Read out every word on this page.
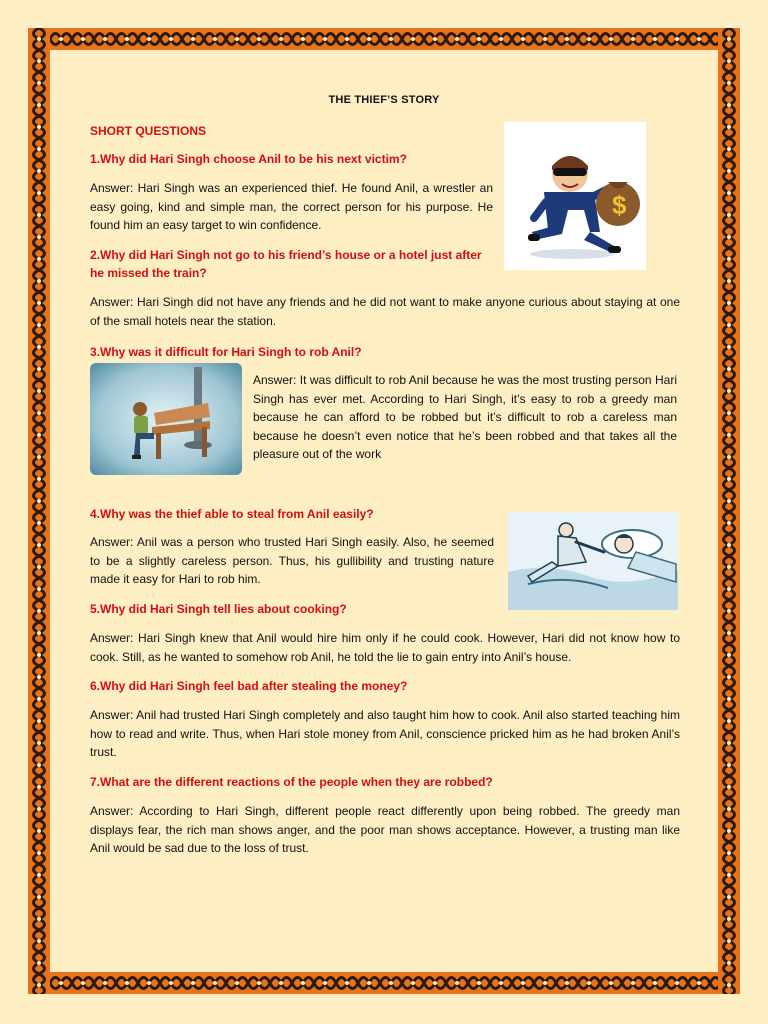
THE THIEF’S STORY
SHORT QUESTIONS
1.Why did Hari Singh choose Anil to be his next victim?
Answer: Hari Singh was an experienced thief. He found Anil, a wrestler an easy going, kind and simple man, the correct person for his purpose. He found him an easy target to win confidence.
$
2.Why did Hari Singh not go to his friend’s house or a hotel just after he missed the train?
Answer: Hari Singh did not have any friends and he did not want to make anyone curious about staying at one of the small hotels near the station.
3.Why was it difficult for Hari Singh to rob Anil?
Answer: It was difficult to rob Anil because he was the most trusting person Hari Singh has ever met. According to Hari Singh, it’s easy to rob a greedy man because he can afford to be robbed but it’s difficult to rob a careless man because he doesn’t even notice that he’s been robbed and that takes all the pleasure out of the work
4.Why was the thief able to steal from Anil easily?
Answer: Anil was a person who trusted Hari Singh easily. Also, he seemed to be a slightly careless person. Thus, his gullibility and trusting nature made it easy for Hari to rob him.
5.Why did Hari Singh tell lies about cooking?
Answer: Hari Singh knew that Anil would hire him only if he could cook. However, Hari did not know how to cook. Still, as he wanted to somehow rob Anil, he told the lie to gain entry into Anil’s house.
6.Why did Hari Singh feel bad after stealing the money?
Answer: Anil had trusted Hari Singh completely and also taught him how to cook. Anil also started teaching him how to read and write. Thus, when Hari stole money from Anil, conscience pricked him as he had broken Anil’s trust.
7.What are the different reactions of the people when they are robbed?
Answer: According to Hari Singh, different people react differently upon being robbed. The greedy man displays fear, the rich man shows anger, and the poor man shows acceptance. However, a trusting man like Anil would be sad due to the loss of trust.
